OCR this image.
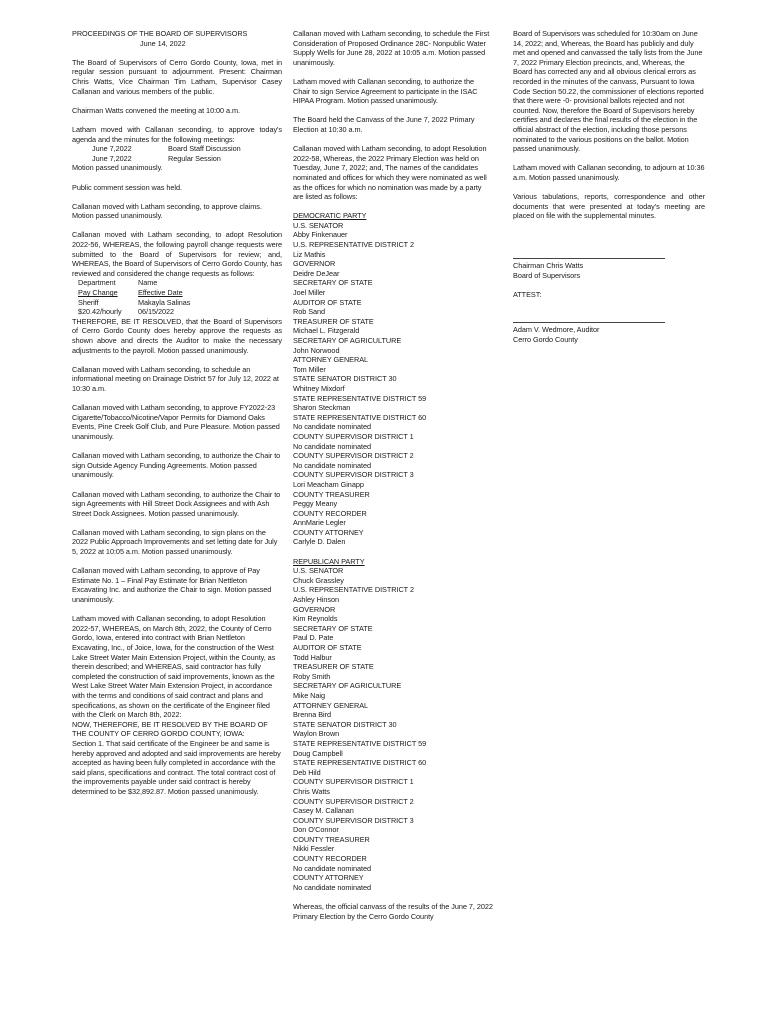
PROCEEDINGS OF THE BOARD OF SUPERVISORS
June 14, 2022

The Board of Supervisors of Cerro Gordo County, Iowa, met in regular session pursuant to adjournment. Present: Chairman Chris Watts, Vice Chairman Tim Latham, Supervisor Casey Callanan and various members of the public.

Chairman Watts convened the meeting at 10:00 a.m.

Latham moved with Callanan seconding, to approve today's agenda and the minutes for the following meetings:
June 7,2022	Board Staff Discussion
June 7,2022	Regular Session
Motion passed unanimously.

Public comment session was held.

Callanan moved with Latham seconding, to approve claims. Motion passed unanimously.

Callanan moved with Latham seconding, to adopt Resolution 2022-56, WHEREAS, the following payroll change requests were submitted to the Board of Supervisors for review; and, WHEREAS, the Board of Supervisors of Cerro Gordo County, has reviewed and considered the change requests as follows:
Department	Name
Pay Change	Effective Date
Sheriff	Makayla Salinas
$20.42/hourly	06/15/2022
THEREFORE, BE IT RESOLVED, that the Board of Supervisors of Cerro Gordo County does hereby approve the requests as shown above and directs the Auditor to make the necessary adjustments to the payroll. Motion passed unanimously.

Callanan moved with Latham seconding, to schedule an informational meeting on Drainage District 57 for July 12, 2022 at 10:30 a.m.

Callanan moved with Latham seconding, to approve FY2022-23 Cigarette/Tobacco/Nicotine/Vapor Permits for Diamond Oaks Events, Pine Creek Golf Club, and Pure Pleasure. Motion passed unanimously.

Callanan moved with Latham seconding, to authorize the Chair to sign Outside Agency Funding Agreements. Motion passed unanimously.

Callanan moved with Latham seconding, to authorize the Chair to sign Agreements with Hill Street Dock Assignees and with Ash Street Dock Assignees. Motion passed unanimously.

Callanan moved with Latham seconding, to sign plans on the 2022 Public Approach Improvements and set letting date for July 5, 2022 at 10:05 a.m. Motion passed unanimously.

Callanan moved with Latham seconding, to approve of Pay Estimate No. 1 – Final Pay Estimate for Brian Nettleton Excavating Inc. and authorize the Chair to sign. Motion passed unanimously.

Latham moved with Callanan seconding, to adopt Resolution 2022-57, WHEREAS, on March 8th, 2022, the County of Cerro Gordo, Iowa, entered into contract with Brian Nettleton Excavating, Inc., of Joice, Iowa, for the construction of the West Lake Street Water Main Extension Project, within the County, as therein described; and WHEREAS, said contractor has fully completed the construction of said improvements, known as the West Lake Street Water Main Extension Project, in accordance with the terms and conditions of said contract and plans and specifications, as shown on the certificate of the Engineer filed with the Clerk on March 8th, 2022:
NOW, THEREFORE, BE IT RESOLVED BY THE BOARD OF THE COUNTY OF CERRO GORDO COUNTY, IOWA:
Section 1. That said certificate of the Engineer be and same is hereby approved and adopted and said improvements are hereby accepted as having been fully completed in accordance with the said plans, specifications and contract. The total contract cost of the improvements payable under said contract is hereby determined to be $32,892.87. Motion passed unanimously.

Callanan moved with Latham seconding, to schedule the First Consideration of Proposed Ordinance 28C- Nonpublic Water Supply Wells for June 28, 2022 at 10:05 a.m. Motion passed unanimously.

Latham moved with Callanan seconding, to authorize the Chair to sign Service Agreement to participate in the ISAC HIPAA Program. Motion passed unanimously.

The Board held the Canvass of the June 7, 2022 Primary Election at 10:30 a.m.

Callanan moved with Latham seconding, to adopt Resolution 2022-58, Whereas, the 2022 Primary Election was held on Tuesday, June 7, 2022; and, The names of the candidates nominated and offices for which they were nominated as well as the offices for which no nomination was made by a party are listed as follows:

DEMOCRATIC PARTY
U.S. SENATOR
Abby Finkenauer
U.S. REPRESENTATIVE DISTRICT 2
Liz Mathis
GOVERNOR
Deidre DeJear
SECRETARY OF STATE
Joel Miller
AUDITOR OF STATE
Rob Sand
TREASURER OF STATE
Michael L. Fitzgerald
SECRETARY OF AGRICULTURE
John Norwood
ATTORNEY GENERAL
Tom Miller
STATE SENATOR DISTRICT 30
Whitney Mixdorf
STATE REPRESENTATIVE DISTRICT 59
Sharon Steckman
STATE REPRESENTATIVE DISTRICT 60
No candidate nominated
COUNTY SUPERVISOR DISTRICT 1
No candidate nominated
COUNTY SUPERVISOR DISTRICT 2
No candidate nominated
COUNTY SUPERVISOR DISTRICT 3
Lori Meacham Ginapp
COUNTY TREASURER
Peggy Meany
COUNTY RECORDER
AnnMarie Legler
COUNTY ATTORNEY
Carlyle D. Dalen
REPUBLICAN PARTY
U.S. SENATOR
Chuck Grassley
U.S. REPRESENTATIVE DISTRICT 2
Ashley Hinson
GOVERNOR
Kim Reynolds
SECRETARY OF STATE
Paul D. Pate
AUDITOR OF STATE
Todd Halbur
TREASURER OF STATE
Roby Smith
SECRETARY OF AGRICULTURE
Mike Naig
ATTORNEY GENERAL
Brenna Bird
STATE SENATOR DISTRICT 30
Waylon Brown
STATE REPRESENTATIVE DISTRICT 59
Doug Campbell
STATE REPRESENTATIVE DISTRICT 60
Deb Hild
COUNTY SUPERVISOR DISTRICT 1
Chris Watts
COUNTY SUPERVISOR DISTRICT 2
Casey M. Callanan
COUNTY SUPERVISOR DISTRICT 3
Don O'Connor
COUNTY TREASURER
Nikki Fessler
COUNTY RECORDER
No candidate nominated
COUNTY ATTORNEY
No candidate nominated

Whereas, the official canvass of the results of the June 7, 2022 Primary Election by the Cerro Gordo County

Board of Supervisors was scheduled for 10:30am on June 14, 2022; and, Whereas, the Board has publicly and duly met and opened and canvassed the tally lists from the June 7, 2022 Primary Election precincts, and, Whereas, the Board has corrected any and all obvious clerical errors as recorded in the minutes of the canvass, Pursuant to Iowa Code Section 50.22, the commissioner of elections reported that there were -0- provisional ballots rejected and not counted. Now, therefore the Board of Supervisors hereby certifies and declares the final results of the election in the official abstract of the election, including those persons nominated to the various positions on the ballot. Motion passed unanimously.

Latham moved with Callanan seconding, to adjourn at 10:36 a.m. Motion passed unanimously.

Various tabulations, reports, correspondence and other documents that were presented at today's meeting are placed on file with the supplemental minutes.

Chairman Chris Watts
Board of Supervisors

ATTEST:

Adam V. Wedmore, Auditor
Cerro Gordo County
